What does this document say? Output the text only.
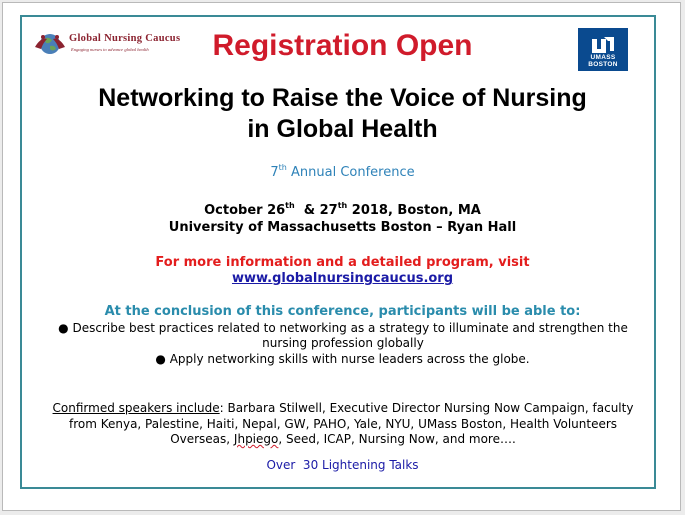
Global Nursing Caucus
Engaging nurses to advance global health	Registration Open	UMASS
BOSTON
Networking to Raise the Voice of Nursing
in Global Health
7th Annual Conference
October 26th  & 27th 2018, Boston, MA
University of Massachusetts Boston – Ryan Hall
For more information and a detailed program, visit
www.globalnursingcaucus.org
At the conclusion of this conference, participants will be able to:
● Describe best practices related to networking as a strategy to illuminate and strengthen the nursing profession globally
● Apply networking skills with nurse leaders across the globe.
Confirmed speakers include: Barbara Stilwell, Executive Director Nursing Now Campaign, faculty from Kenya, Palestine, Haiti, Nepal, GW, PAHO, Yale, NYU, UMass Boston, Health Volunteers Overseas, Jhpiego, Seed, ICAP, Nursing Now, and more….
Over  30 Lightening Talks
